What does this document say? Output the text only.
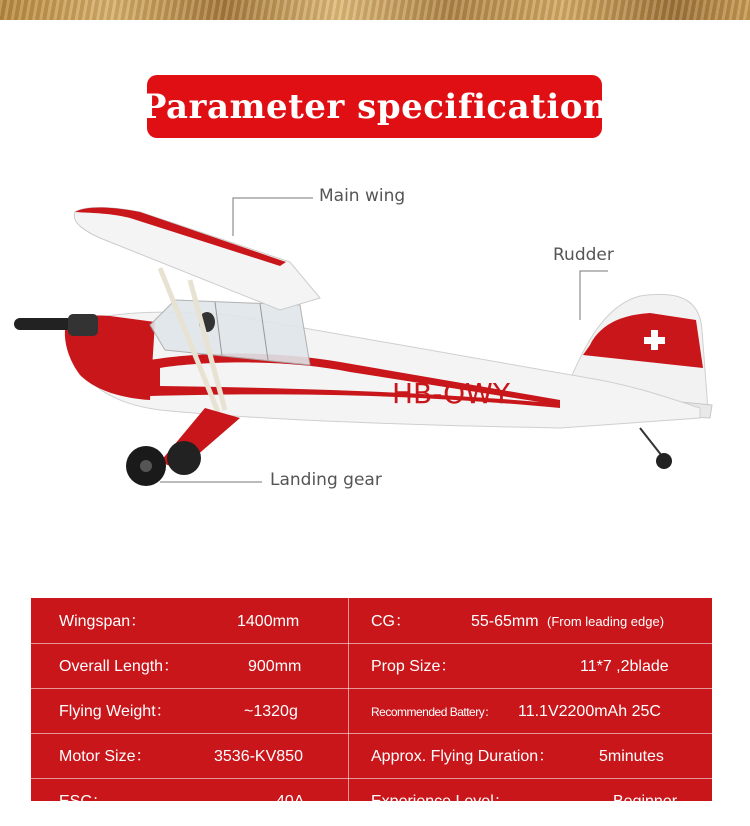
Parameter specification
HB-OWY
Main wing
Rudder
Landing gear
Wingspan：	1400mm	CG：	55-65mm (From leading edge)
Overall Length：	900mm	Prop Size：	11*7 ,2blade
Flying Weight：	~1320g	Recommended Battery： 11.1V2200mAh 25C
Motor Size：	3536-KV850	Approx. Flying Duration：	5minutes
ESC：	40A	Experience Level：	Beginner
